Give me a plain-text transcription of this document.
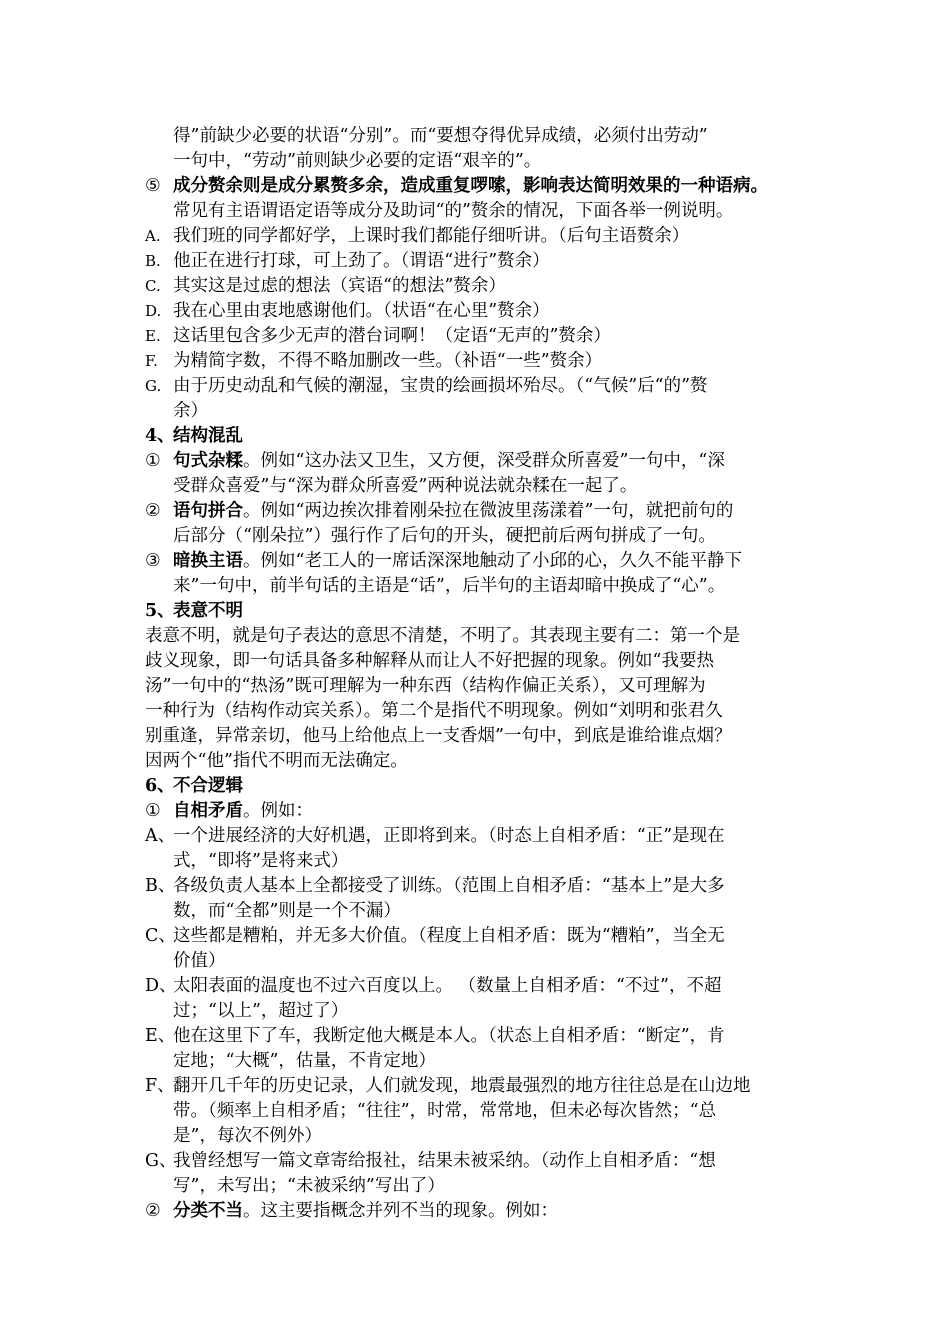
得”前缺少必要的状语“分别”。而“要想夺得优异成绩，必须付出劳动”
一句中，“劳动”前则缺少必要的定语“艰辛的”。
⑤ 成分赘余则是成分累赘多余，造成重复啰嗦，影响表达简明效果的一种语病。
常见有主语谓语定语等成分及助词“的”赘余的情况，下面各举一例说明。
A. 我们班的同学都好学，上课时我们都能仔细听讲。（后句主语赘余）
B. 他正在进行打球，可上劲了。（谓语“进行”赘余）
C. 其实这是过虑的想法（宾语“的想法”赘余）
D. 我在心里由衷地感谢他们。（状语“在心里”赘余）
E. 这话里包含多少无声的潜台词啊！（定语“无声的”赘余）
F. 为精简字数，不得不略加删改一些。（补语“一些”赘余）
G. 由于历史动乱和气候的潮湿，宝贵的绘画损坏殆尽。（“气候”后“的”赘
余）
4、
结构混乱
① 句式杂糅。例如“这办法又卫生，又方便，深受群众所喜爱”一句中，“深
受群众喜爱”与“深为群众所喜爱”两种说法就杂糅在一起了。
② 语句拼合。例如“两边挨次排着刚朵拉在微波里荡漾着”一句，就把前句的
后部分（“刚朵拉”）强行作了后句的开头，硬把前后两句拼成了一句。
③ 暗换主语。例如“老工人的一席话深深地触动了小邱的心，久久不能平静下
来”一句中，前半句话的主语是“话”，后半句的主语却暗中换成了“心”。
5、
表意不明
表意不明，就是句子表达的意思不清楚，不明了。其表现主要有二：第一个是
歧义现象，即一句话具备多种解释从而让人不好把握的现象。例如“我要热
汤”一句中的“热汤”既可理解为一种东西（结构作偏正关系），又可理解为
一种行为（结构作动宾关系）。第二个是指代不明现象。例如“刘明和张君久
别重逢，异常亲切，他马上给他点上一支香烟”一句中，到底是谁给谁点烟？
因两个“他”指代不明而无法确定。
6、
不合逻辑
① 自相矛盾。例如：
A、
一个进展经济的大好机遇，正即将到来。（时态上自相矛盾：“正”是现在
式，“即将”是将来式）
B、
各级负责人基本上全都接受了训练。（范围上自相矛盾：“基本上”是大多
数，而“全都”则是一个不漏）
C、
这些都是糟粕，并无多大价值。（程度上自相矛盾：既为“糟粕”，当全无
价值）
D、
太阳表面的温度也不过六百度以上。 （数量上自相矛盾：“不过”，不超
过；“以上”，超过了）
E、
他在这里下了车，我断定他大概是本人。（状态上自相矛盾：“断定”，肯
定地；“大概”，估量，不肯定地）
F、
翻开几千年的历史记录，人们就发现，地震最强烈的地方往往总是在山边地
带。（频率上自相矛盾；“往往”，时常，常常地，但未必每次皆然；“总
是”，每次不例外）
G、
我曾经想写一篇文章寄给报社，结果未被采纳。（动作上自相矛盾：“想
写”，未写出；“未被采纳”写出了）
② 分类不当。这主要指概念并列不当的现象。例如：
